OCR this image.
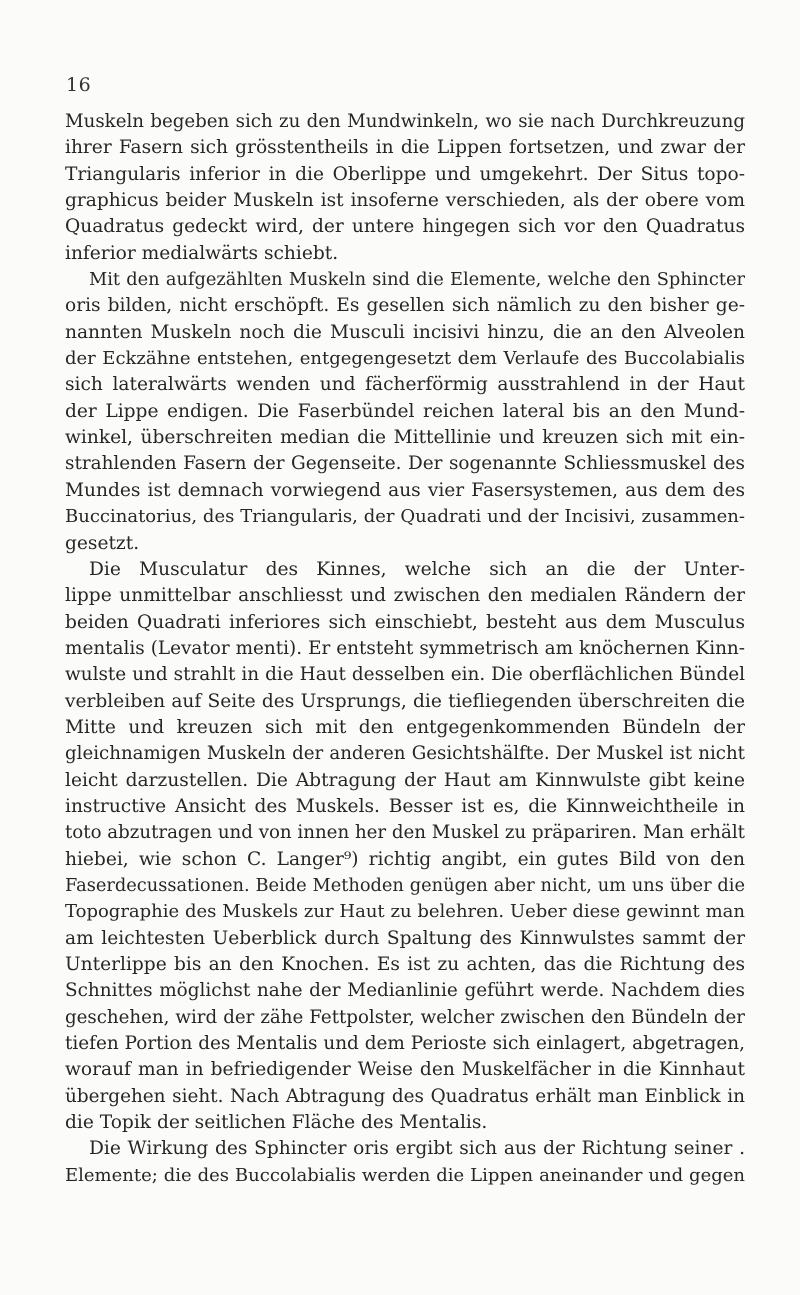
16
Muskeln begeben sich zu den Mundwinkeln, wo sie nach Durchkreuzung
ihrer Fasern sich grösstentheils in die Lippen fortsetzen, und zwar der
Triangularis inferior in die Oberlippe und umgekehrt. Der Situs topo-
graphicus beider Muskeln ist insoferne verschieden, als der obere vom
Quadratus gedeckt wird, der untere hingegen sich vor den Quadratus
inferior medialwärts schiebt.
Mit den aufgezählten Muskeln sind die Elemente, welche den Sphincter
oris bilden, nicht erschöpft. Es gesellen sich nämlich zu den bisher ge-
nannten Muskeln noch die Musculi incisivi hinzu, die an den Alveolen
der Eckzähne entstehen, entgegengesetzt dem Verlaufe des Buccolabialis
sich lateralwärts wenden und fächerförmig ausstrahlend in der Haut
der Lippe endigen. Die Faserbündel reichen lateral bis an den Mund-
winkel, überschreiten median die Mittellinie und kreuzen sich mit ein-
strahlenden Fasern der Gegenseite. Der sogenannte Schliessmuskel des
Mundes ist demnach vorwiegend aus vier Fasersystemen, aus dem des
Buccinatorius, des Triangularis, der Quadrati und der Incisivi, zusammen-
gesetzt.
Die Musculatur des Kinnes, welche sich an die der Unter-
lippe unmittelbar anschliesst und zwischen den medialen Rändern der
beiden Quadrati inferiores sich einschiebt, besteht aus dem Musculus
mentalis (Levator menti). Er entsteht symmetrisch am knöchernen Kinn-
wulste und strahlt in die Haut desselben ein. Die oberflächlichen Bündel
verbleiben auf Seite des Ursprungs, die tiefliegenden überschreiten die
Mitte und kreuzen sich mit den entgegenkommenden Bündeln der
gleichnamigen Muskeln der anderen Gesichtshälfte. Der Muskel ist nicht
leicht darzustellen. Die Abtragung der Haut am Kinnwulste gibt keine
instructive Ansicht des Muskels. Besser ist es, die Kinnweichtheile in
toto abzutragen und von innen her den Muskel zu präpariren. Man erhält
hiebei, wie schon C. Langer⁹) richtig angibt, ein gutes Bild von den
Faserdecussationen. Beide Methoden genügen aber nicht, um uns über die
Topographie des Muskels zur Haut zu belehren. Ueber diese gewinnt man
am leichtesten Ueberblick durch Spaltung des Kinnwulstes sammt der
Unterlippe bis an den Knochen. Es ist zu achten, das die Richtung des
Schnittes möglichst nahe der Medianlinie geführt werde. Nachdem dies
geschehen, wird der zähe Fettpolster, welcher zwischen den Bündeln der
tiefen Portion des Mentalis und dem Perioste sich einlagert, abgetragen,
worauf man in befriedigender Weise den Muskelfächer in die Kinnhaut
übergehen sieht. Nach Abtragung des Quadratus erhält man Einblick in
die Topik der seitlichen Fläche des Mentalis.
Die Wirkung des Sphincter oris ergibt sich aus der Richtung seiner .
Elemente; die des Buccolabialis werden die Lippen aneinander und gegen
